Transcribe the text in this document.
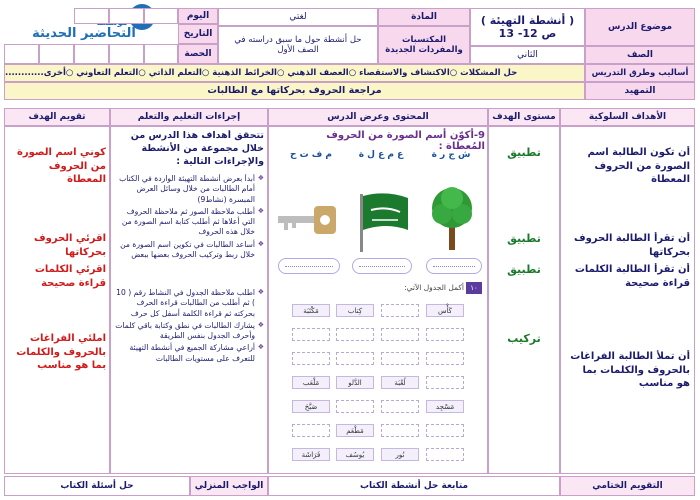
التحاضير الحديثة	موضوع الدرس
الصف
( أنشطة التهيئة )
ص 12- 13
الثاني
المادة
المكتسبات والمفردات الجديدة
لغتي
حل أنشطة حول ما سبق دراسته في الصف الأول
اليوم
التاريخ
الحصة
أساليب وطرق التدريس
حل المشكلات ○الاكتشاف والاستقصاء ○العصف الذهني ○الخرائط الذهنية ○التعلم الذاتي ○التعلم التعاوني ○أخرى............
التمهيد
مراجعة الحروف بحركاتها مع الطالبات
الأهداف السلوكية
مستوى الهدف
المحتوى وعرض الدرس
إجراءات التعليم والتعلم
تقويم الهدف
أن تكون الطالبة اسم الصورة من الحروف المعطاة
أن تقرأ الطالبة الحروف بحركاتها
أن تقرأ الطالبة الكلمات قراءة صحيحة
أن تملأ الطالبة الفراغات بالحروف والكلمات بما هو مناسب
تطبيق
تطبيق
تطبيق
تركيب
9-أكوّن أسم الصورة من الحروف المُعطاة :
ش ج ر ة
ع م ع ل ة
م ف ت ح
١٠
أكمل الجدول الآتي:
كَأْس
كِتاب
مَكْتَبَة
لُعْبَة
الدَّلو
مَلْعَب
مَسْجِد
صَبَّحَ
مَطْعَم
نُور
يُوسُف
فَرَاشَة
تتحقق أهداف هذا الدرس من خلال مجموعة من الأنشطة والإجراءات التالية :
❖ أبدأ بعرض أنشطة التهيئة الواردة في الكتاب أمام الطالبات من خلال وسائل العرض المبسرة (نشاط9)
❖ أطلب ملاحظة الصور ثم ملاحظة الحروف التي أعلاها ثم أطلب كتابة اسم الصورة من خلال هذه الحروف
❖ أساعد الطالبات في تكوين اسم الصورة من خلال ربط وتركيب الحروف بعضها ببعض
❖ اطلب ملاحظة الجدول في النشاط رقم ( 10 ) ثم أطلب من الطالبات قراءة الحرف بحركته ثم قراءة الكلمة أسفل كل حرف
❖ يشارك الطالبات في نطق وكتابة باقي كلمات وأحرف الجدول بنفس الطريقة
❖ أراعي مشاركة الجميع في أنشطة التهيئة للتعرف على مستويات الطالبات
كوني اسم الصورة من الحروف المعطاة
اقرئي الحروف بحركاتها
اقرئي الكلمات قراءة صحيحة
املئي الفراغات بالحروف والكلمات بما هو مناسب
التقويم الختامي
متابعة حل أنشطة الكتاب
الواجب المنزلي
حل أسئلة الكتاب
